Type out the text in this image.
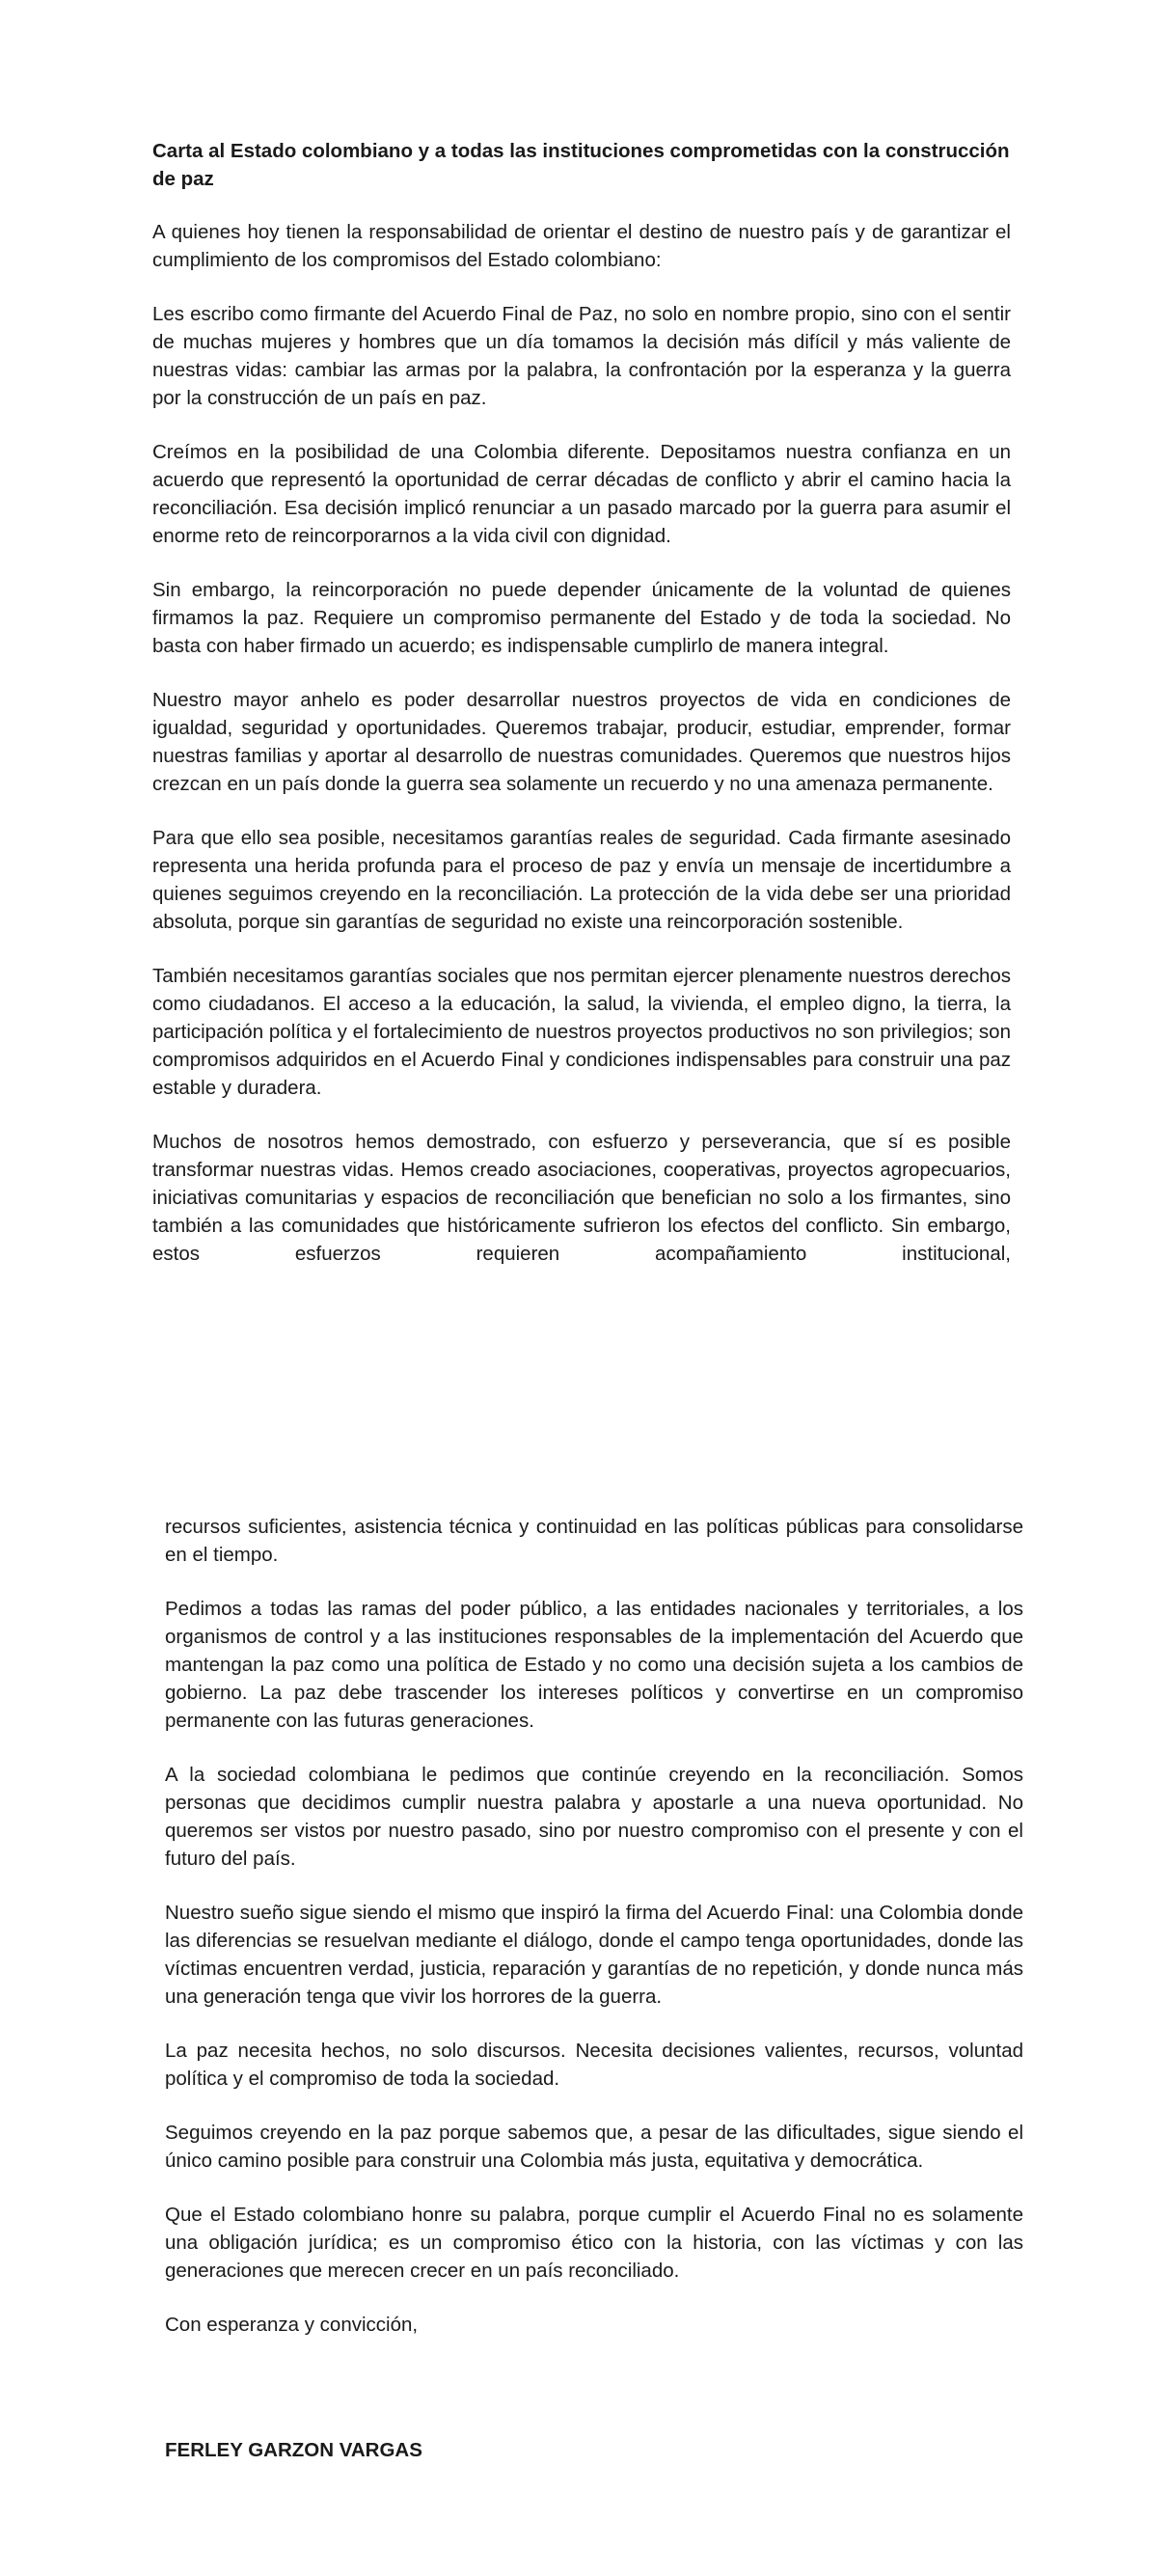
Carta al Estado colombiano y a todas las instituciones comprometidas con la construcción de paz

A quienes hoy tienen la responsabilidad de orientar el destino de nuestro país y de garantizar el cumplimiento de los compromisos del Estado colombiano:

Les escribo como firmante del Acuerdo Final de Paz, no solo en nombre propio, sino con el sentir de muchas mujeres y hombres que un día tomamos la decisión más difícil y más valiente de nuestras vidas: cambiar las armas por la palabra, la confrontación por la esperanza y la guerra por la construcción de un país en paz.

Creímos en la posibilidad de una Colombia diferente. Depositamos nuestra confianza en un acuerdo que representó la oportunidad de cerrar décadas de conflicto y abrir el camino hacia la reconciliación. Esa decisión implicó renunciar a un pasado marcado por la guerra para asumir el enorme reto de reincorporarnos a la vida civil con dignidad.

Sin embargo, la reincorporación no puede depender únicamente de la voluntad de quienes firmamos la paz. Requiere un compromiso permanente del Estado y de toda la sociedad. No basta con haber firmado un acuerdo; es indispensable cumplirlo de manera integral.

Nuestro mayor anhelo es poder desarrollar nuestros proyectos de vida en condiciones de igualdad, seguridad y oportunidades. Queremos trabajar, producir, estudiar, emprender, formar nuestras familias y aportar al desarrollo de nuestras comunidades. Queremos que nuestros hijos crezcan en un país donde la guerra sea solamente un recuerdo y no una amenaza permanente.

Para que ello sea posible, necesitamos garantías reales de seguridad. Cada firmante asesinado representa una herida profunda para el proceso de paz y envía un mensaje de incertidumbre a quienes seguimos creyendo en la reconciliación. La protección de la vida debe ser una prioridad absoluta, porque sin garantías de seguridad no existe una reincorporación sostenible.

También necesitamos garantías sociales que nos permitan ejercer plenamente nuestros derechos como ciudadanos. El acceso a la educación, la salud, la vivienda, el empleo digno, la tierra, la participación política y el fortalecimiento de nuestros proyectos productivos no son privilegios; son compromisos adquiridos en el Acuerdo Final y condiciones indispensables para construir una paz estable y duradera.

Muchos de nosotros hemos demostrado, con esfuerzo y perseverancia, que sí es posible transformar nuestras vidas. Hemos creado asociaciones, cooperativas, proyectos agropecuarios, iniciativas comunitarias y espacios de reconciliación que benefician no solo a los firmantes, sino también a las comunidades que históricamente sufrieron los efectos del conflicto. Sin embargo, estos esfuerzos requieren acompañamiento institucional,

recursos suficientes, asistencia técnica y continuidad en las políticas públicas para consolidarse en el tiempo.

Pedimos a todas las ramas del poder público, a las entidades nacionales y territoriales, a los organismos de control y a las instituciones responsables de la implementación del Acuerdo que mantengan la paz como una política de Estado y no como una decisión sujeta a los cambios de gobierno. La paz debe trascender los intereses políticos y convertirse en un compromiso permanente con las futuras generaciones.

A la sociedad colombiana le pedimos que continúe creyendo en la reconciliación. Somos personas que decidimos cumplir nuestra palabra y apostarle a una nueva oportunidad. No queremos ser vistos por nuestro pasado, sino por nuestro compromiso con el presente y con el futuro del país.

Nuestro sueño sigue siendo el mismo que inspiró la firma del Acuerdo Final: una Colombia donde las diferencias se resuelvan mediante el diálogo, donde el campo tenga oportunidades, donde las víctimas encuentren verdad, justicia, reparación y garantías de no repetición, y donde nunca más una generación tenga que vivir los horrores de la guerra.

La paz necesita hechos, no solo discursos. Necesita decisiones valientes, recursos, voluntad política y el compromiso de toda la sociedad.

Seguimos creyendo en la paz porque sabemos que, a pesar de las dificultades, sigue siendo el único camino posible para construir una Colombia más justa, equitativa y democrática.

Que el Estado colombiano honre su palabra, porque cumplir el Acuerdo Final no es solamente una obligación jurídica; es un compromiso ético con la historia, con las víctimas y con las generaciones que merecen crecer en un país reconciliado.

Con esperanza y convicción,

FERLEY GARZON VARGAS
